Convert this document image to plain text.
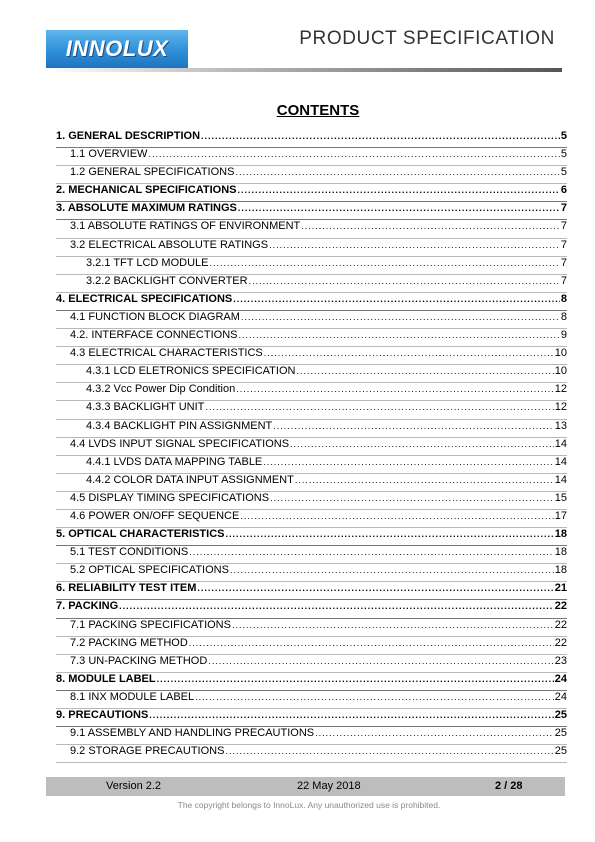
INNOLUX	PRODUCT SPECIFICATION
CONTENTS
1. GENERAL DESCRIPTION .....	5
1.1 OVERVIEW .....	5
1.2 GENERAL SPECIFICATIONS .....	5
2. MECHANICAL SPECIFICATIONS .....	6
3. ABSOLUTE MAXIMUM RATINGS .....	7
3.1 ABSOLUTE RATINGS OF ENVIRONMENT .....	7
3.2 ELECTRICAL ABSOLUTE RATINGS .....	7
3.2.1 TFT LCD MODULE .....	7
3.2.2 BACKLIGHT CONVERTER .....	7
4. ELECTRICAL SPECIFICATIONS .....	8
4.1 FUNCTION BLOCK DIAGRAM .....	8
4.2. INTERFACE CONNECTIONS .....	9
4.3 ELECTRICAL CHARACTERISTICS .....	10
4.3.1 LCD ELETRONICS SPECIFICATION .....	10
4.3.2 Vcc Power Dip Condition .....	12
4.3.3 BACKLIGHT UNIT .....	12
4.3.4 BACKLIGHT PIN ASSIGNMENT .....	13
4.4 LVDS INPUT SIGNAL SPECIFICATIONS .....	14
4.4.1 LVDS DATA MAPPING TABLE .....	14
4.4.2 COLOR DATA INPUT ASSIGNMENT .....	14
4.5 DISPLAY TIMING SPECIFICATIONS .....	15
4.6 POWER ON/OFF SEQUENCE .....	17
5. OPTICAL CHARACTERISTICS .....	18
5.1 TEST CONDITIONS .....	18
5.2 OPTICAL SPECIFICATIONS .....	18
6. RELIABILITY TEST ITEM .....	21
7. PACKING .....	22
7.1 PACKING SPECIFICATIONS .....	22
7.2 PACKING METHOD .....	22
7.3 UN-PACKING METHOD .....	23
8. MODULE LABEL .....	24
8.1 INX MODULE LABEL .....	24
9. PRECAUTIONS .....	25
9.1 ASSEMBLY AND HANDLING PRECAUTIONS .....	25
9.2 STORAGE PRECAUTIONS .....	25
Version 2.2	22 May 2018	2 / 28
The copyright belongs to InnoLux. Any unauthorized use is prohibited.
